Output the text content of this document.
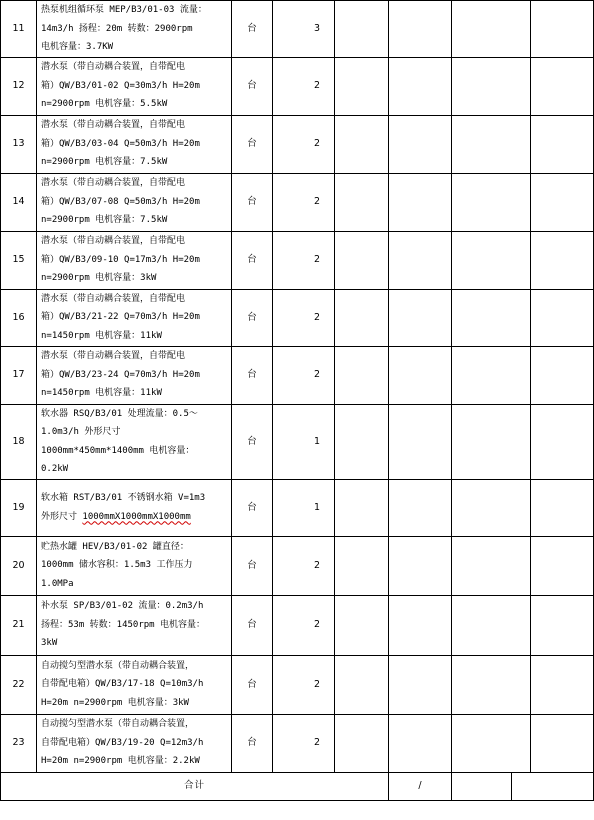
11	热泵机组循环泵 MEP/B3/01-03 流量：
14m3/h 扬程：20m 转数：2900rpm
电机容量：3.7KW	台	3					
12	潜水泵（带自动耦合装置，自带配电
箱）QW/B3/01-02 Q=30m3/h H=20m
n=2900rpm 电机容量：5.5kW	台	2					
13	潜水泵（带自动耦合装置，自带配电
箱）QW/B3/03-04 Q=50m3/h H=20m
n=2900rpm 电机容量：7.5kW	台	2					
14	潜水泵（带自动耦合装置，自带配电
箱）QW/B3/07-08 Q=50m3/h H=20m
n=2900rpm 电机容量：7.5kW	台	2					
15	潜水泵（带自动耦合装置，自带配电
箱）QW/B3/09-10 Q=17m3/h H=20m
n=2900rpm 电机容量：3kW	台	2					
16	潜水泵（带自动耦合装置，自带配电
箱）QW/B3/21-22 Q=70m3/h H=20m
n=1450rpm 电机容量：11kW	台	2					
17	潜水泵（带自动耦合装置，自带配电
箱）QW/B3/23-24 Q=70m3/h H=20m
n=1450rpm 电机容量：11kW	台	2					
18	软水器 RSQ/B3/01 处理流量：0.5～
1.0m3/h 外形尺寸
1000mm*450mm*1400mm 电机容量：
0.2kW	台	1					
19	软水箱 RST/B3/01 不锈钢水箱 V=1m3
外形尺寸 1000mmX1000mmX1000mm	台	1					
20	贮热水罐 HEV/B3/01-02 罐直径：
1000mm 储水容积：1.5m3 工作压力
1.0MPa	台	2					
21	补水泵 SP/B3/01-02 流量：0.2m3/h
扬程：53m 转数：1450rpm 电机容量：
3kW	台	2					
22	自动搅匀型潜水泵（带自动耦合装置，
自带配电箱）QW/B3/17-18 Q=10m3/h
H=20m n=2900rpm 电机容量：3kW	台	2					
23	自动搅匀型潜水泵（带自动耦合装置，
自带配电箱）QW/B3/19-20 Q=12m3/h
H=20m n=2900rpm 电机容量：2.2kW	台	2					
合计					/			
